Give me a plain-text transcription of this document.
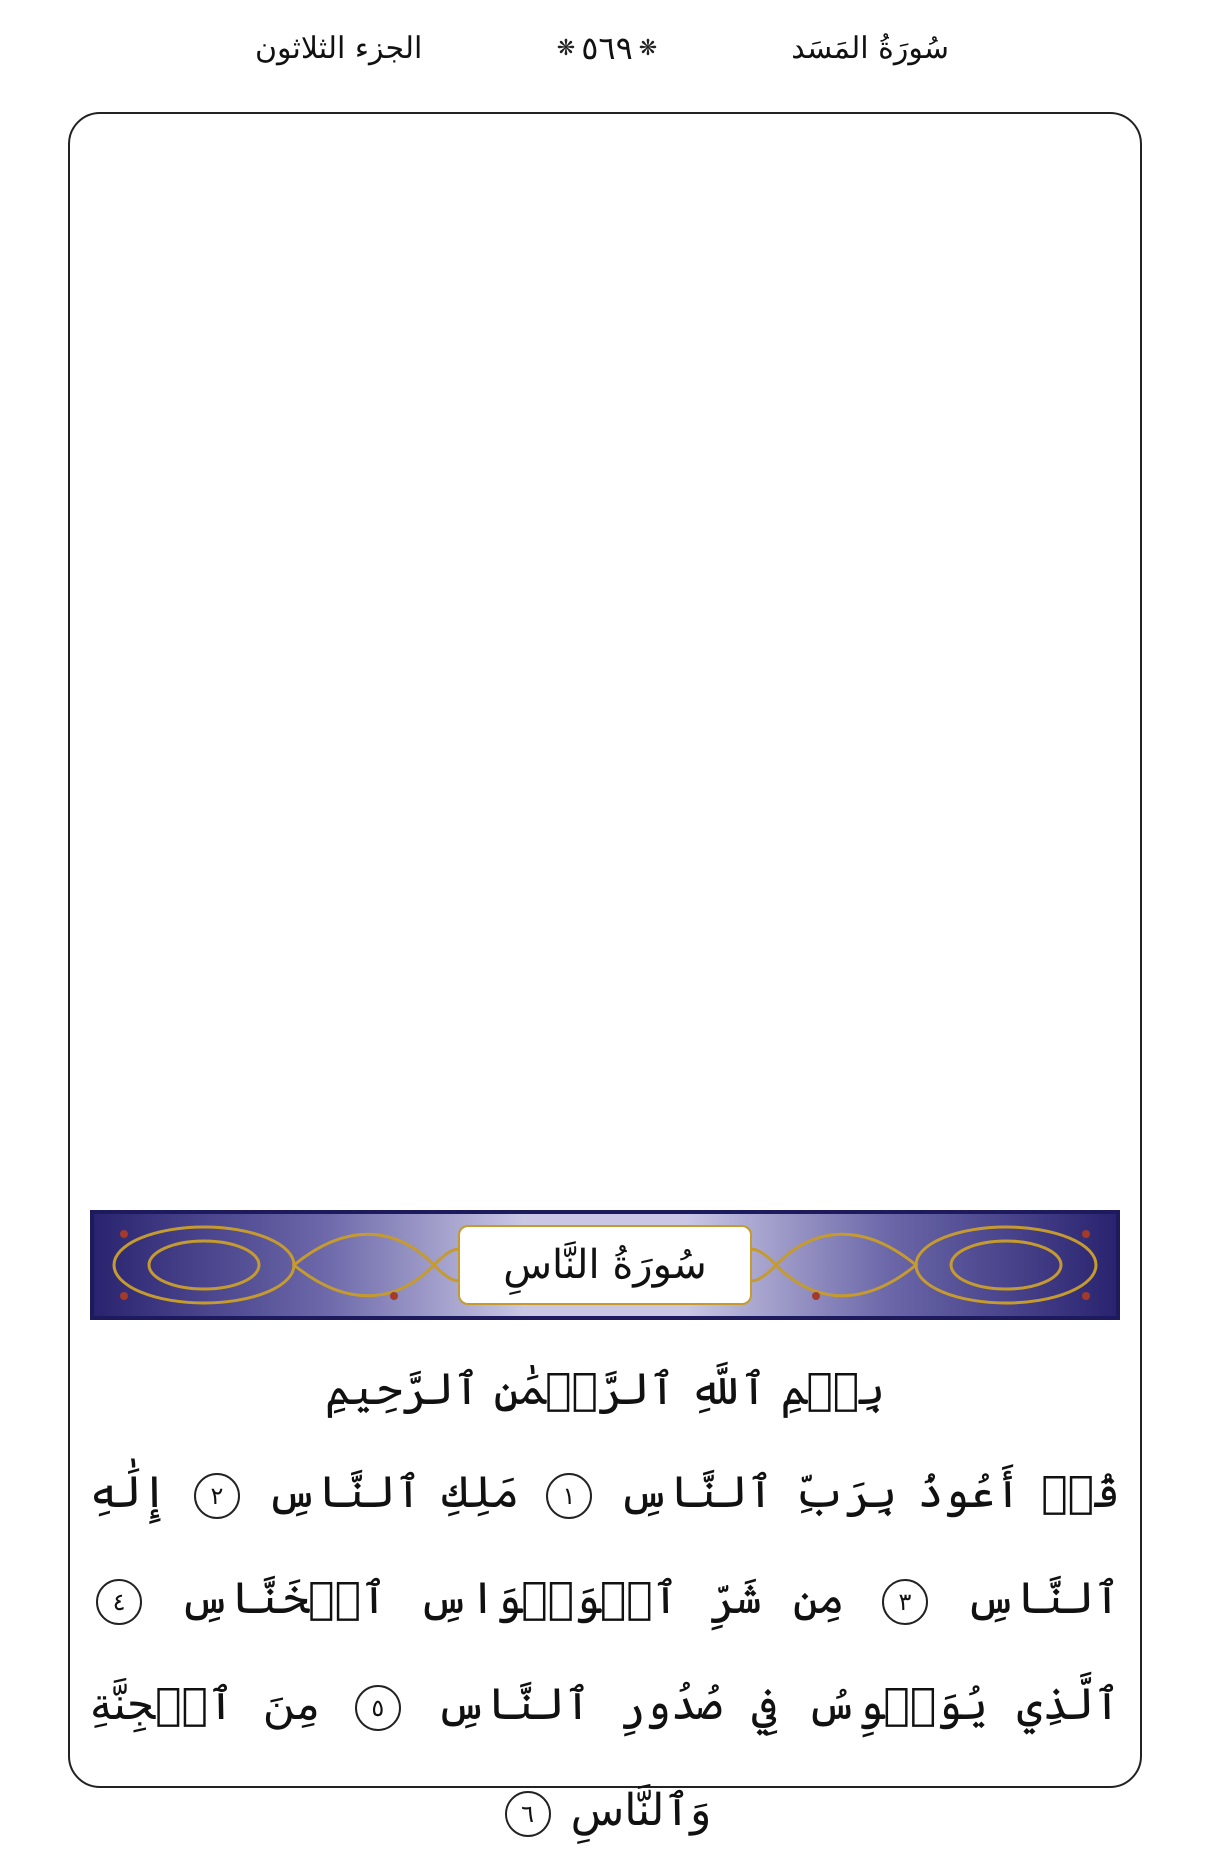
سُورَةُ المَسَد
❋ ٥٦٩ ❋
الجزء الثلاثون
سُورَةُ النَّاسِ
بِسۡمِ ٱللَّهِ ٱلرَّحۡمَٰنِ ٱلرَّحِيمِ
قُلۡ أَعُوذُ بِرَبِّ ٱلنَّاسِ ١ مَلِكِ ٱلنَّاسِ ٢ إِلَٰهِ ٱلنَّاسِ ٣ مِن شَرِّ ٱلۡوَسۡوَاسِ ٱلۡخَنَّاسِ ٤ ٱلَّذِي يُوَسۡوِسُ فِي صُدُورِ ٱلنَّاسِ ٥ مِنَ ٱلۡجِنَّةِ وَٱلنَّاسِ ٦
